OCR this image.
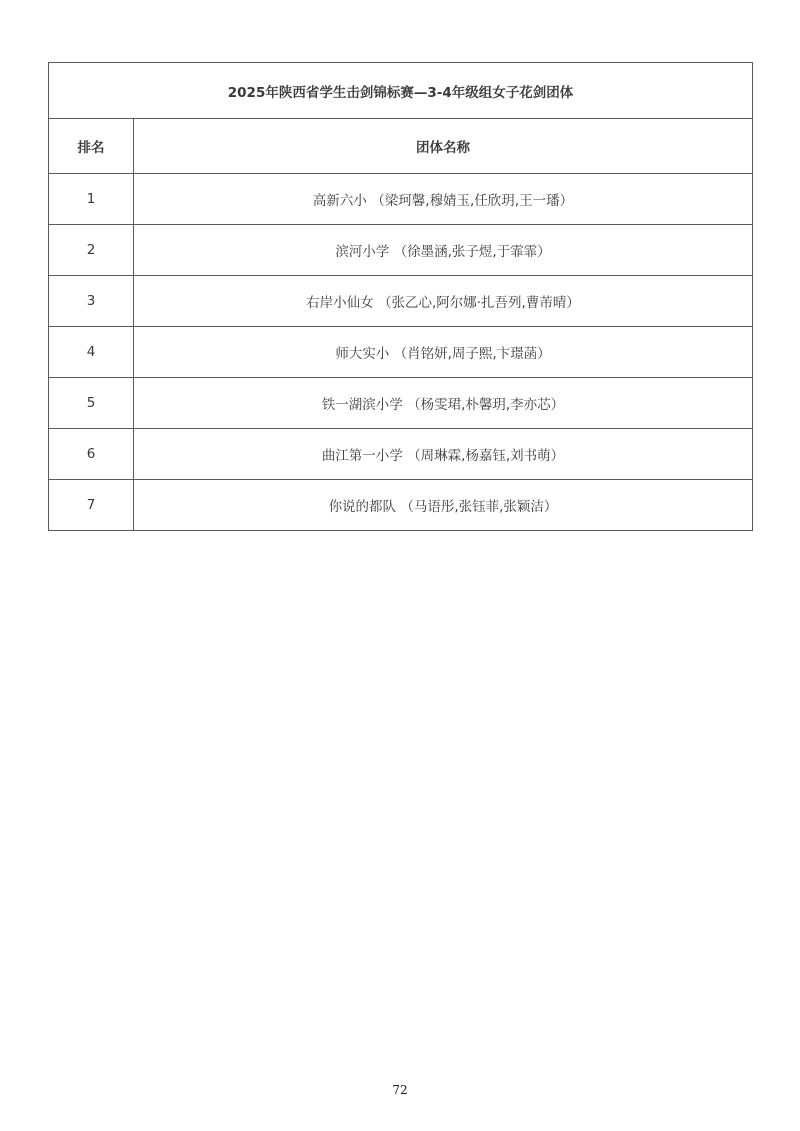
2025年陕西省学生击剑锦标赛—3-4年级组女子花剑团体	
排名	团体名称
1	高新六小 （梁珂馨,穆婧玉,任欣玥,王一璠）
2	滨河小学 （徐墨涵,张子煜,于霏霏）
3	右岸小仙女 （张乙心,阿尔娜·扎吾列,曹芾晴）
4	师大实小 （肖铭妍,周子熙,卞璟菡）
5	铁一湖滨小学 （杨雯珺,朴馨玥,李亦芯）
6	曲江第一小学 （周琳霖,杨嘉钰,刘书萌）
7	你说的都队 （马语彤,张钰菲,张颖洁）
72
